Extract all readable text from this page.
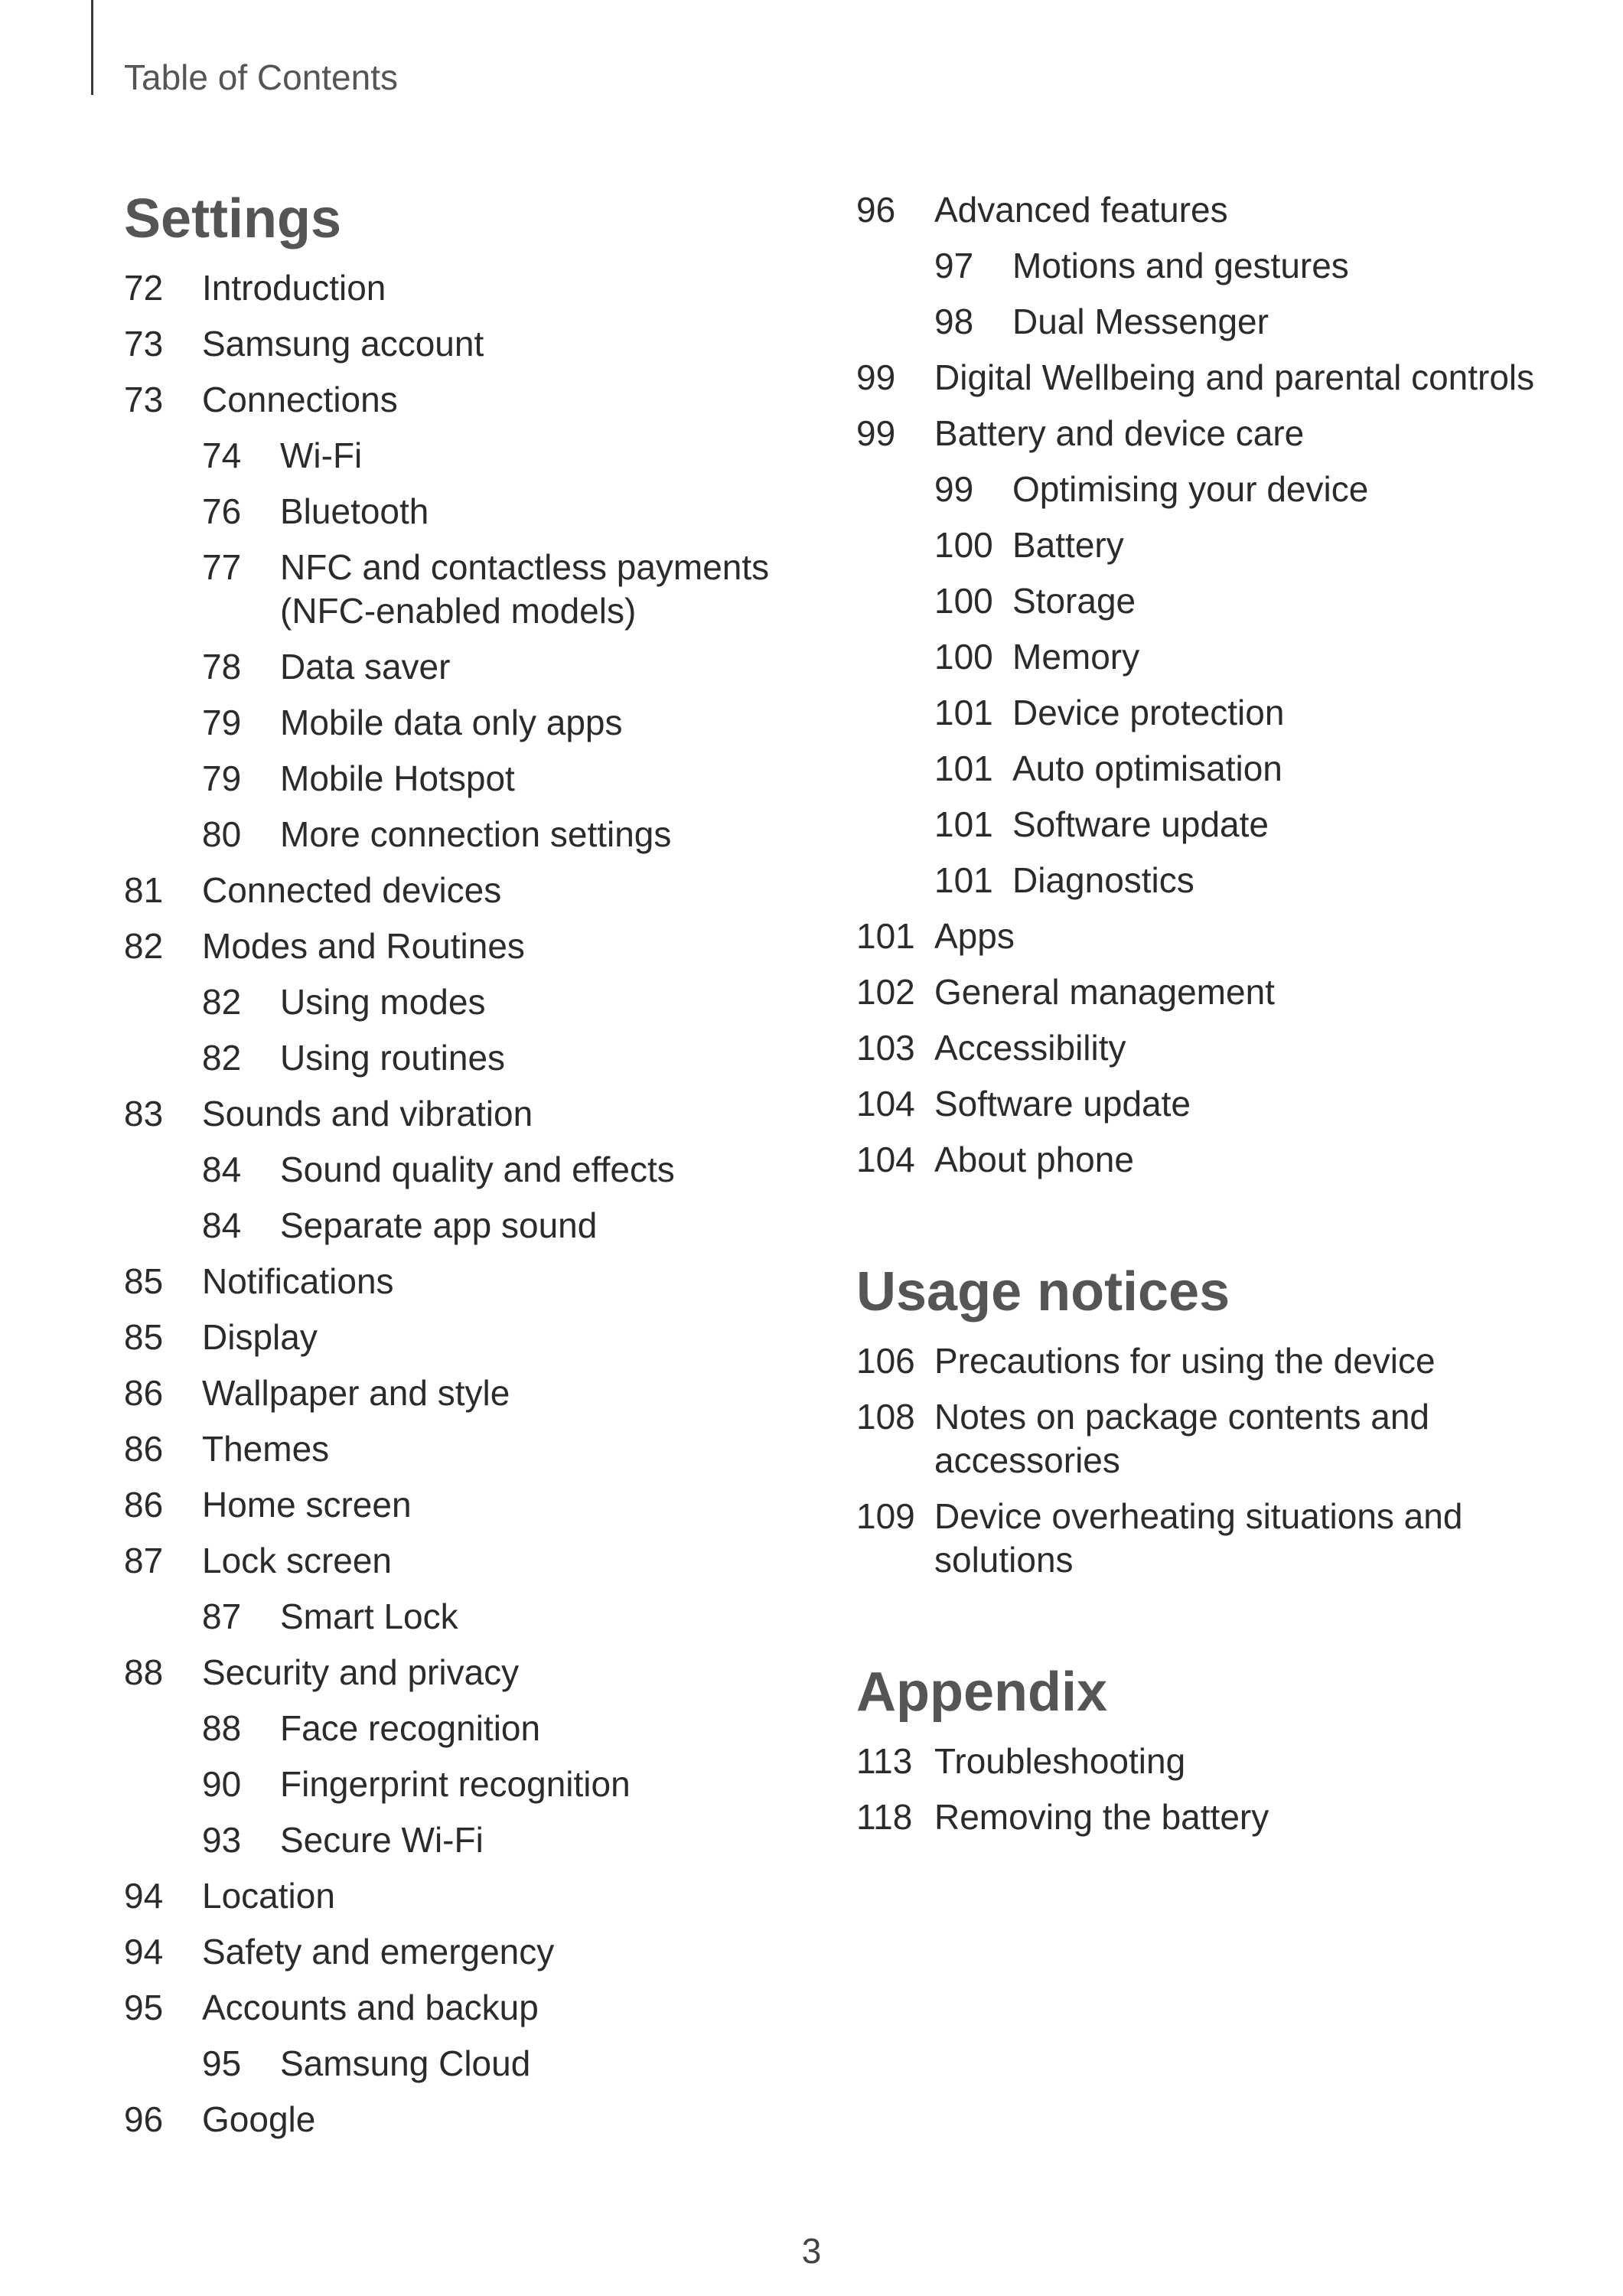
Table of Contents
Settings
72	Introduction
73	Samsung account
73	Connections
74	Wi-Fi
76	Bluetooth
77	NFC and contactless payments (NFC-enabled models)
78	Data saver
79	Mobile data only apps
79	Mobile Hotspot
80	More connection settings
81	Connected devices
82	Modes and Routines
82	Using modes
82	Using routines
83	Sounds and vibration
84	Sound quality and effects
84	Separate app sound
85	Notifications
85	Display
86	Wallpaper and style
86	Themes
86	Home screen
87	Lock screen
87	Smart Lock
88	Security and privacy
88	Face recognition
90	Fingerprint recognition
93	Secure Wi-Fi
94	Location
94	Safety and emergency
95	Accounts and backup
95	Samsung Cloud
96	Google
96	Advanced features
97	Motions and gestures
98	Dual Messenger
99	Digital Wellbeing and parental controls
99	Battery and device care
99	Optimising your device
100 Battery
100 Storage
100 Memory
101 Device protection
101 Auto optimisation
101 Software update
101 Diagnostics
101 Apps
102 General management
103 Accessibility
104 Software update
104 About phone
Usage notices
106 Precautions for using the device
108 Notes on package contents and accessories
109 Device overheating situations and solutions
Appendix
113 Troubleshooting
118 Removing the battery
3
